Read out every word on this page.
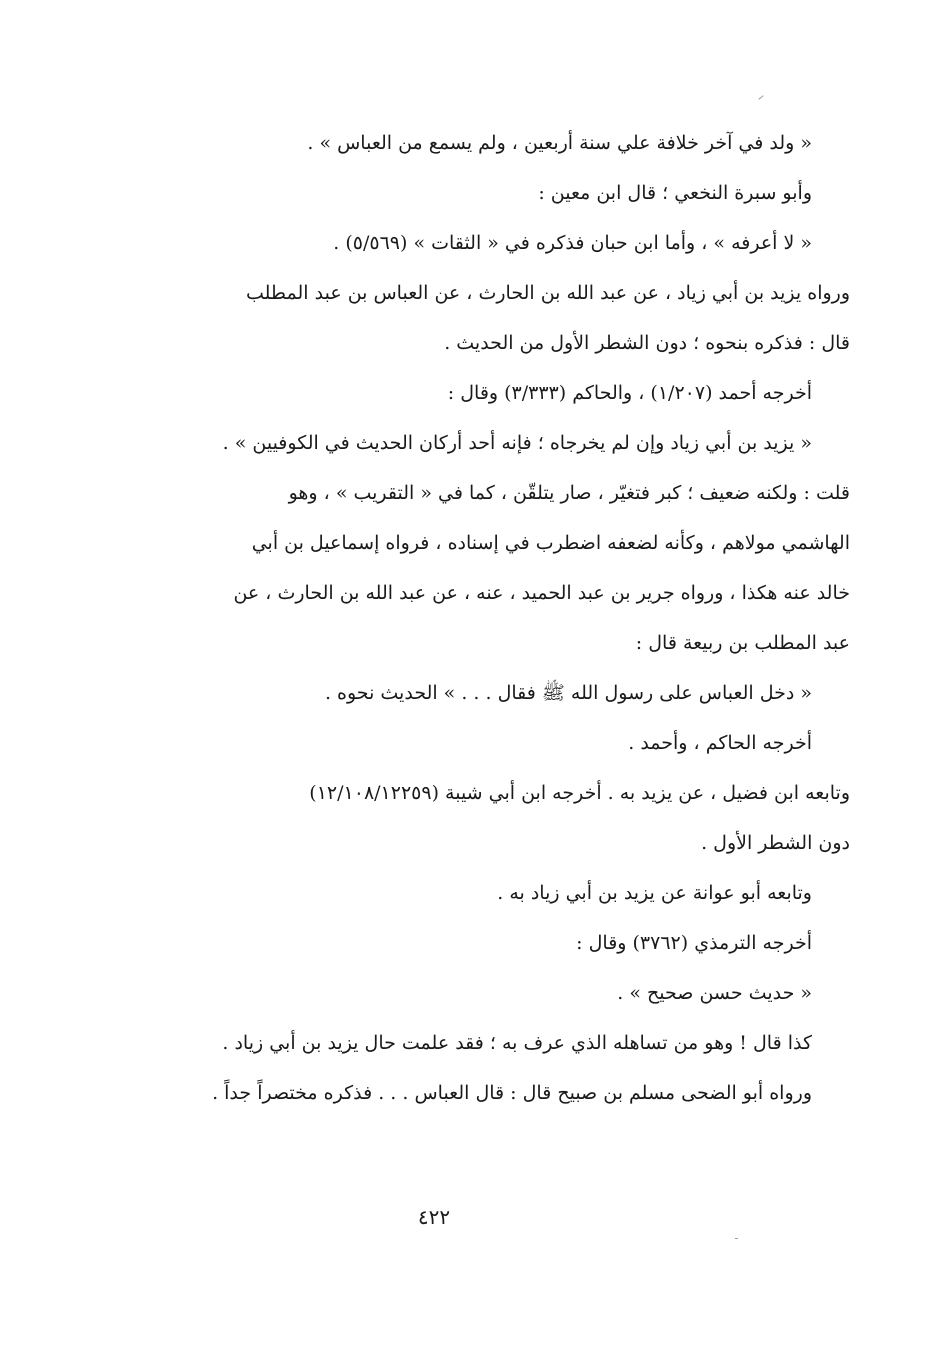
« ولد في آخر خلافة علي سنة أربعين ، ولم يسمع من العباس » .
وأبو سبرة النخعي ؛ قال ابن معين :
« لا أعرفه » ، وأما ابن حبان فذكره في « الثقات » (٥/٥٦٩) .
ورواه يزيد بن أبي زياد ، عن عبد الله بن الحارث ، عن العباس بن عبد المطلب
قال : فذكره بنحوه ؛ دون الشطر الأول من الحديث .
أخرجه أحمد (١/٢٠٧) ، والحاكم (٣/٣٣٣) وقال :
« يزيد بن أبي زياد وإن لم يخرجاه ؛ فإنه أحد أركان الحديث في الكوفيين » .
قلت : ولكنه ضعيف ؛ كبر فتغيّر ، صار يتلقّن ، كما في « التقريب » ، وهو
الهاشمي مولاهم ، وكأنه لضعفه اضطرب في إسناده ، فرواه إسماعيل بن أبي
خالد عنه هكذا ، ورواه جرير بن عبد الحميد ، عنه ، عن عبد الله بن الحارث ، عن
عبد المطلب بن ربيعة قال :
« دخل العباس على رسول الله ﷺ فقال . . . » الحديث نحوه .
أخرجه الحاكم ، وأحمد .
وتابعه ابن فضيل ، عن يزيد به . أخرجه ابن أبي شيبة (١٢/١٠٨/١٢٢٥٩)
دون الشطر الأول .
وتابعه أبو عوانة عن يزيد بن أبي زياد به .
أخرجه الترمذي (٣٧٦٢) وقال :
« حديث حسن صحيح » .
كذا قال ! وهو من تساهله الذي عرف به ؛ فقد علمت حال يزيد بن أبي زياد .
ورواه أبو الضحى مسلم بن صبيح قال : قال العباس . . . فذكره مختصراً جداً .
٤٢٢
